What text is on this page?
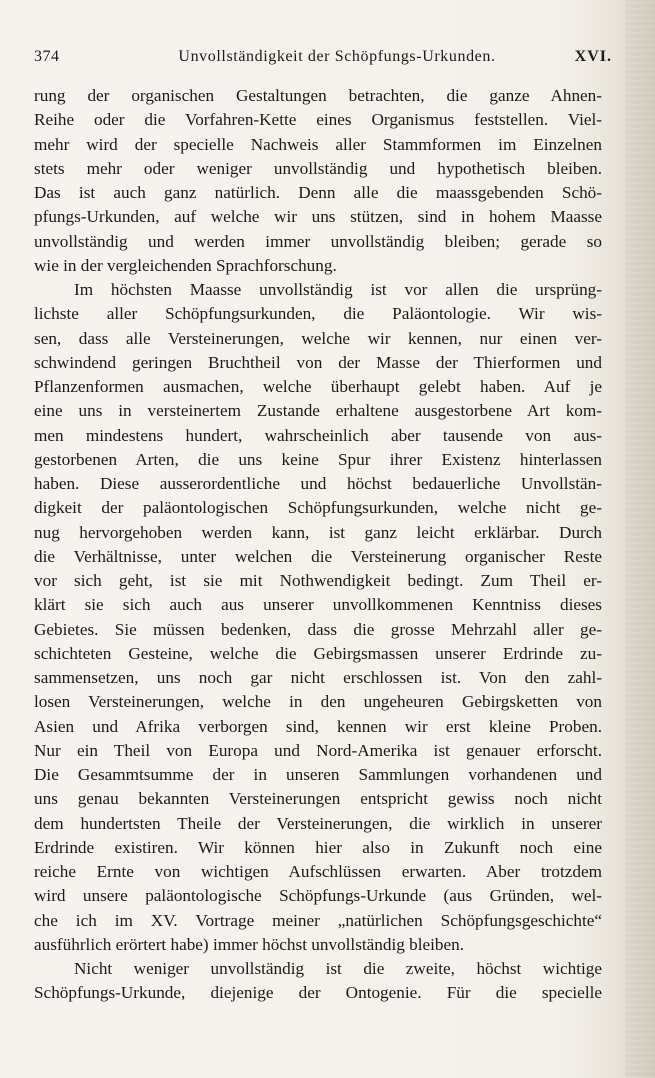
374	Unvollständigkeit der Schöpfungs-Urkunden.	XVI.
rung der organischen Gestaltungen betrachten, die ganze Ahnen-
Reihe oder die Vorfahren-Kette eines Organismus feststellen. Viel-
mehr wird der specielle Nachweis aller Stammformen im Einzelnen
stets mehr oder weniger unvollständig und hypothetisch bleiben.
Das ist auch ganz natürlich. Denn alle die maassgebenden Schö-
pfungs-Urkunden, auf welche wir uns stützen, sind in hohem Maasse
unvollständig und werden immer unvollständig bleiben; gerade so
wie in der vergleichenden Sprachforschung.
Im höchsten Maasse unvollständig ist vor allen die ursprüng-
lichste aller Schöpfungsurkunden, die Paläontologie. Wir wis-
sen, dass alle Versteinerungen, welche wir kennen, nur einen ver-
schwindend geringen Bruchtheil von der Masse der Thierformen und
Pflanzenformen ausmachen, welche überhaupt gelebt haben. Auf je
eine uns in versteinertem Zustande erhaltene ausgestorbene Art kom-
men mindestens hundert, wahrscheinlich aber tausende von aus-
gestorbenen Arten, die uns keine Spur ihrer Existenz hinterlassen
haben. Diese ausserordentliche und höchst bedauerliche Unvollstän-
digkeit der paläontologischen Schöpfungsurkunden, welche nicht ge-
nug hervorgehoben werden kann, ist ganz leicht erklärbar. Durch
die Verhältnisse, unter welchen die Versteinerung organischer Reste
vor sich geht, ist sie mit Nothwendigkeit bedingt. Zum Theil er-
klärt sie sich auch aus unserer unvollkommenen Kenntniss dieses
Gebietes. Sie müssen bedenken, dass die grosse Mehrzahl aller ge-
schichteten Gesteine, welche die Gebirgsmassen unserer Erdrinde zu-
sammensetzen, uns noch gar nicht erschlossen ist. Von den zahl-
losen Versteinerungen, welche in den ungeheuren Gebirgsketten von
Asien und Afrika verborgen sind, kennen wir erst kleine Proben.
Nur ein Theil von Europa und Nord-Amerika ist genauer erforscht.
Die Gesammtsumme der in unseren Sammlungen vorhandenen und
uns genau bekannten Versteinerungen entspricht gewiss noch nicht
dem hundertsten Theile der Versteinerungen, die wirklich in unserer
Erdrinde existiren. Wir können hier also in Zukunft noch eine
reiche Ernte von wichtigen Aufschlüssen erwarten. Aber trotzdem
wird unsere paläontologische Schöpfungs-Urkunde (aus Gründen, wel-
che ich im XV. Vortrage meiner „natürlichen Schöpfungsgeschichte“
ausführlich erörtert habe) immer höchst unvollständig bleiben.
Nicht weniger unvollständig ist die zweite, höchst wichtige
Schöpfungs-Urkunde, diejenige der Ontogenie. Für die specielle
